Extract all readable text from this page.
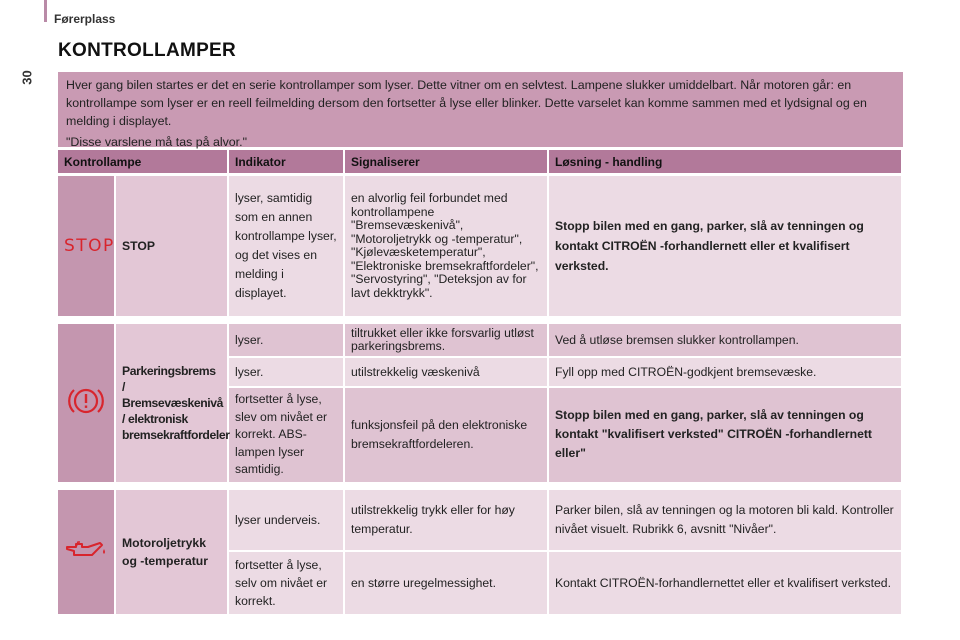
Førerplass
30
KONTROLLAMPER

Hver gang bilen startes er det en serie kontrollamper som lyser. Dette vitner om en selvtest. Lampene slukker umiddelbart. Når motoren går: en kontrollampe som lyser er en reell feilmelding dersom den fortsetter å lyse eller blinker. Dette varselet kan komme sammen med et lydsignal og en melding i displayet.

"Disse varslene må tas på alvor."

Kontrollampe		Indikator	Signaliserer	Løsning - handling
STOP	STOP	lyser, samtidig som en annen kontrollampe lyser, og det vises en melding i displayet.	en alvorlig feil forbundet med kontrollampene "Bremsevæskenivå", "Motoroljetrykk og -temperatur", "Kjølevæsketemperatur", "Elektroniske bremsekraftfordeler", "Servostyring", "Deteksjon av for lavt dekktrykk".	Stopp bilen med en gang, parker, slå av tenningen og kontakt CITROËN -forhandlernett eller et kvalifisert verksted.

	Parkeringsbrems / Bremsevæskenivå / elektronisk bremsekraftfordeler	lyser.	tiltrukket eller ikke forsvarlig utløst parkeringsbrems.	Ved å utløse bremsen slukker kontrollampen.
		lyser.	utilstrekkelig væskenivå	Fyll opp med CITROËN-godkjent bremsevæske.
		fortsetter å lyse, slev om nivået er korrekt. ABS-lampen lyser samtidig.	funksjonsfeil på den elektroniske bremsekraftfordeleren.	Stopp bilen med en gang, parker, slå av tenningen og kontakt "kvalifisert verksted" CITROËN -forhandlernett eller"

	Motoroljetrykk og -temperatur	lyser underveis.	utilstrekkelig trykk eller for høy temperatur.	Parker bilen, slå av tenningen og la motoren bli kald. Kontroller nivået visuelt. Rubrikk 6, avsnitt "Nivåer".
		fortsetter å lyse, selv om nivået er korrekt.	en større uregelmessighet.	Kontakt CITROËN-forhandlernettet eller et kvalifisert verksted.
